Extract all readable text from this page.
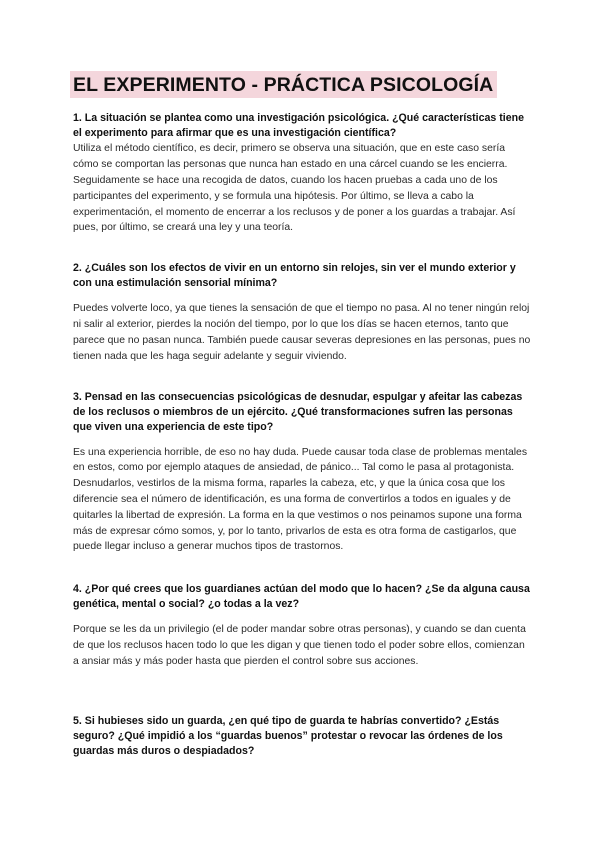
EL EXPERIMENTO - PRÁCTICA PSICOLOGÍA

1. La situación se plantea como una investigación psicológica. ¿Qué características tiene el experimento para afirmar que es una investigación científica?

Utiliza el método científico, es decir, primero se observa una situación, que en este caso sería cómo se comportan las personas que nunca han estado en una cárcel cuando se les encierra. Seguidamente se hace una recogida de datos, cuando los hacen pruebas a cada uno de los participantes del experimento, y se formula una hipótesis. Por último, se lleva a cabo la experimentación, el momento de encerrar a los reclusos y de poner a los guardas a trabajar. Así pues, por último, se creará una ley y una teoría.

2. ¿Cuáles son los efectos de vivir en un entorno sin relojes, sin ver el mundo exterior y con una estimulación sensorial mínima?

Puedes volverte loco, ya que tienes la sensación de que el tiempo no pasa. Al no tener ningún reloj ni salir al exterior, pierdes la noción del tiempo, por lo que los días se hacen eternos, tanto que parece que no pasan nunca. También puede causar severas depresiones en las personas, pues no tienen nada que les haga seguir adelante y seguir viviendo.

3. Pensad en las consecuencias psicológicas de desnudar, espulgar y afeitar las cabezas de los reclusos o miembros de un ejército. ¿Qué transformaciones sufren las personas que viven una experiencia de este tipo?

Es una experiencia horrible, de eso no hay duda. Puede causar toda clase de problemas mentales en estos, como por ejemplo ataques de ansiedad, de pánico... Tal como le pasa al protagonista. Desnudarlos, vestirlos de la misma forma, raparles la cabeza, etc, y que la única cosa que los diferencie sea el número de identificación, es una forma de convertirlos a todos en iguales y de quitarles la libertad de expresión. La forma en la que vestimos o nos peinamos supone una forma más de expresar cómo somos, y, por lo tanto, privarlos de esta es otra forma de castigarlos, que puede llegar incluso a generar muchos tipos de trastornos.

4. ¿Por qué crees que los guardianes actúan del modo que lo hacen? ¿Se da alguna causa genética, mental o social? ¿o todas a la vez?

Porque se les da un privilegio (el de poder mandar sobre otras personas), y cuando se dan cuenta de que los reclusos hacen todo lo que les digan y que tienen todo el poder sobre ellos, comienzan a ansiar más y más poder hasta que pierden el control sobre sus acciones.

5. Si hubieses sido un guarda, ¿en qué tipo de guarda te habrías convertido? ¿Estás seguro? ¿Qué impidió a los “guardas buenos” protestar o revocar las órdenes de los guardas más duros o despiadados?
